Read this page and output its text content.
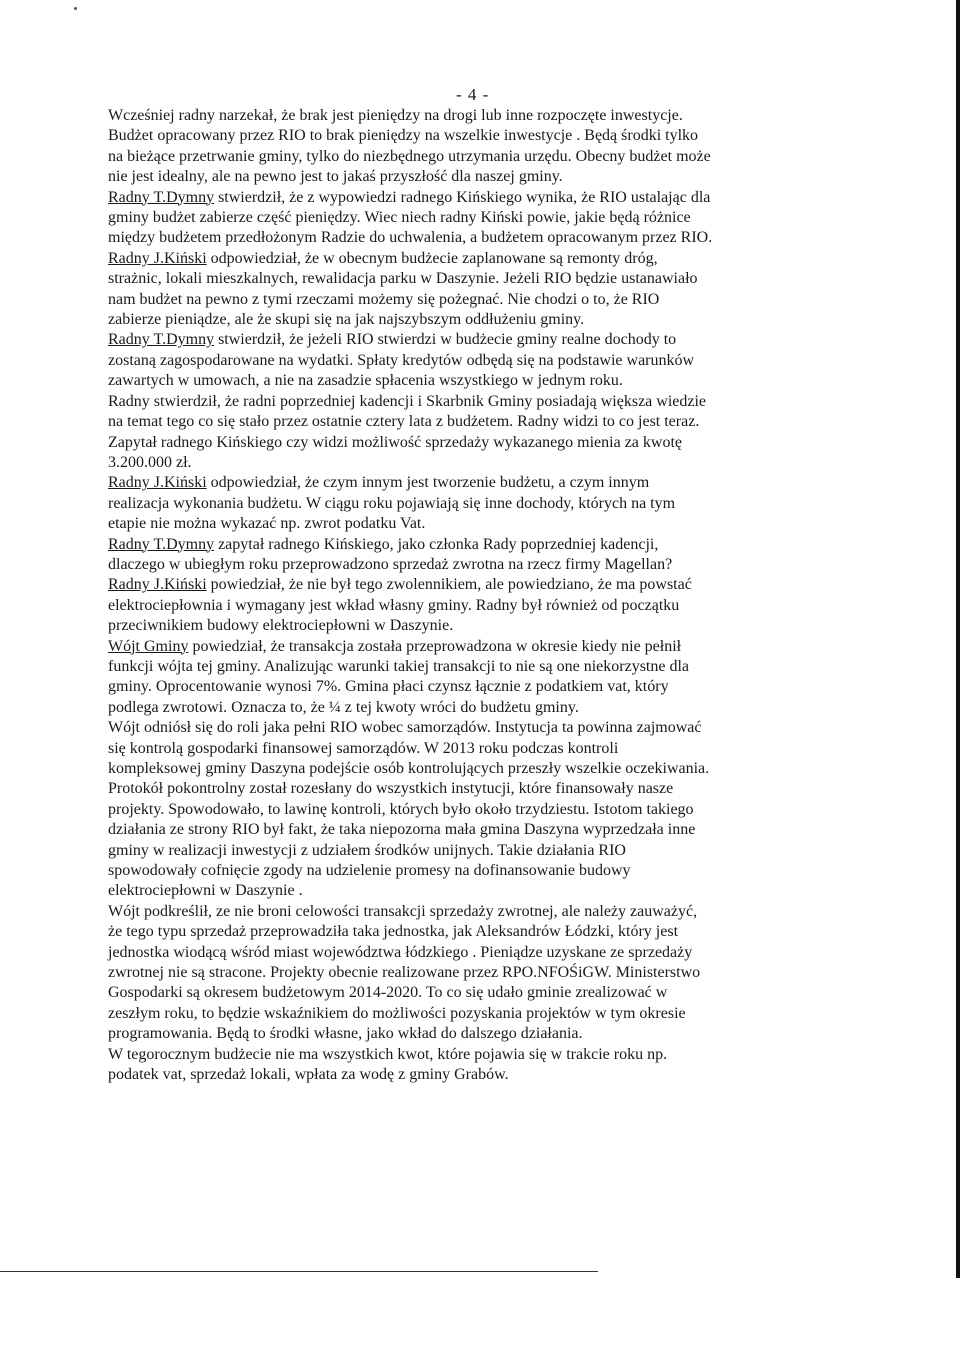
- 4 -
Wcześniej radny narzekał, że brak jest pieniędzy na drogi lub inne rozpoczęte inwestycje.
Budżet opracowany przez RIO to brak pieniędzy na wszelkie inwestycje . Będą środki tylko
na bieżące przetrwanie gminy, tylko do niezbędnego utrzymania urzędu. Obecny budżet może
nie jest idealny, ale na pewno jest to jakaś przyszłość dla naszej gminy.
Radny T.Dymny stwierdził, że z wypowiedzi radnego Kińskiego wynika, że RIO ustalając dla
gminy budżet zabierze część pieniędzy. Wiec niech radny Kiński powie, jakie będą różnice
między budżetem przedłożonym Radzie do uchwalenia, a budżetem opracowanym przez RIO.
Radny J.Kiński odpowiedział, że w obecnym budżecie zaplanowane są remonty dróg,
strażnic, lokali mieszkalnych, rewalidacja parku w Daszynie. Jeżeli RIO będzie ustanawiało
nam budżet na pewno z tymi rzeczami możemy się pożegnać. Nie chodzi o to, że RIO
zabierze pieniądze, ale że skupi się na jak najszybszym oddłużeniu gminy.
Radny T.Dymny stwierdził, że jeżeli RIO stwierdzi w budżecie gminy realne dochody to
zostaną zagospodarowane na wydatki. Spłaty kredytów odbędą się na podstawie warunków
zawartych w umowach, a nie na zasadzie spłacenia wszystkiego w jednym roku.
Radny stwierdził, że radni poprzedniej kadencji i Skarbnik Gminy posiadają większa wiedzie
na temat tego co się stało przez ostatnie cztery lata z budżetem. Radny widzi to co jest teraz.
Zapytał radnego Kińskiego czy widzi możliwość sprzedaży wykazanego mienia za kwotę
3.200.000 zł.
Radny J.Kiński odpowiedział, że czym innym jest tworzenie budżetu, a czym innym
realizacja wykonania budżetu. W ciągu roku pojawiają się inne dochody, których na tym
etapie nie można wykazać np. zwrot podatku Vat.
Radny T.Dymny zapytał radnego Kińskiego, jako członka Rady poprzedniej kadencji,
dlaczego w ubiegłym roku przeprowadzono sprzedaż zwrotna na rzecz firmy Magellan?
Radny J.Kiński powiedział, że nie był tego zwolennikiem, ale powiedziano, że ma powstać
elektrociepłownia i wymagany jest wkład własny gminy. Radny był również od początku
przeciwnikiem budowy elektrociepłowni w Daszynie.
Wójt Gminy powiedział, że transakcja została przeprowadzona w okresie kiedy nie pełnił
funkcji wójta tej gminy. Analizując warunki takiej transakcji to nie są one niekorzystne dla
gminy. Oprocentowanie wynosi 7%. Gmina płaci czynsz łącznie z podatkiem vat, który
podlega zwrotowi. Oznacza to, że ¼ z tej kwoty wróci do budżetu gminy.
Wójt odniósł się do roli jaka pełni RIO wobec samorządów. Instytucja ta powinna zajmować
się kontrolą gospodarki finansowej samorządów. W 2013 roku podczas kontroli
kompleksowej gminy Daszyna podejście osób kontrolujących przeszły wszelkie oczekiwania.
Protokół pokontrolny został rozesłany do wszystkich instytucji, które finansowały nasze
projekty. Spowodowało, to lawinę kontroli, których było około trzydziestu. Istotom takiego
działania ze strony RIO był fakt, że taka niepozorna mała gmina Daszyna wyprzedzała inne
gminy w realizacji inwestycji z udziałem środków unijnych. Takie działania RIO
spowodowały cofnięcie zgody na udzielenie promesy na dofinansowanie budowy
elektrociepłowni w Daszynie .
Wójt podkreślił, ze nie broni celowości transakcji sprzedaży zwrotnej, ale należy zauważyć,
że tego typu sprzedaż przeprowadziła taka jednostka, jak Aleksandrów Łódzki, który jest
jednostka wiodącą wśród miast województwa łódzkiego . Pieniądze uzyskane ze sprzedaży
zwrotnej nie są stracone. Projekty obecnie realizowane przez RPO.NFOŚiGW. Ministerstwo
Gospodarki są okresem budżetowym 2014-2020. To co się udało gminie zrealizować w
zeszłym roku, to będzie wskaźnikiem do możliwości pozyskania projektów w tym okresie
programowania. Będą to środki własne, jako wkład do dalszego działania.
W tegorocznym budżecie nie ma wszystkich kwot, które pojawia się w trakcie roku np.
podatek vat, sprzedaż lokali, wpłata za wodę z gminy Grabów.
